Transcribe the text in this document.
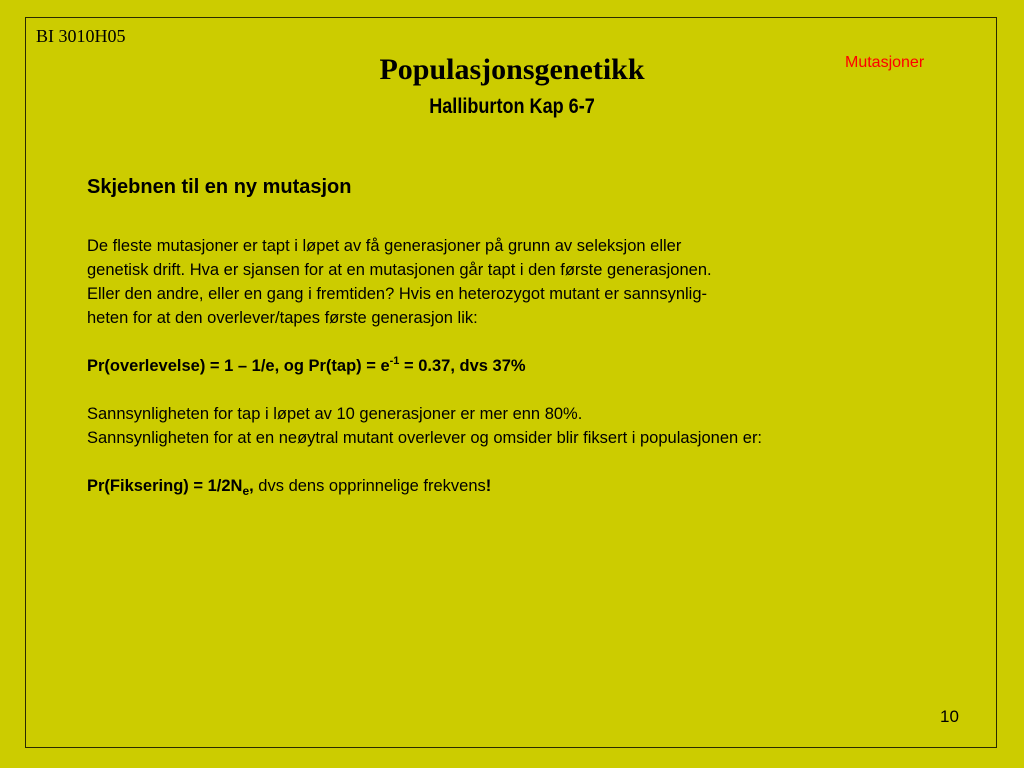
BI 3010H05
Mutasjoner
Populasjonsgenetikk
Halliburton Kap 6-7
Skjebnen til en ny mutasjon
De fleste mutasjoner er tapt i løpet av få generasjoner på grunn av seleksjon eller
genetisk drift. Hva er sjansen for at en mutasjonen går tapt i den første generasjonen.
Eller den andre, eller en gang i fremtiden? Hvis en heterozygot mutant er sannsynlig-
heten for at den overlever/tapes første generasjon lik:
Pr(overlevelse) = 1 – 1/e, og $Pr(tap) = e^{-1} = 0.37$, dvs 37%
Sannsynligheten for tap i løpet av 10 generasjoner er mer enn 80%.
Sannsynligheten for at en neøytral mutant overlever og omsider blir fiksert i populasjonen er:
Pr(Fiksering) = $1/2N_e$, dvs dens opprinnelige frekvens!
10
